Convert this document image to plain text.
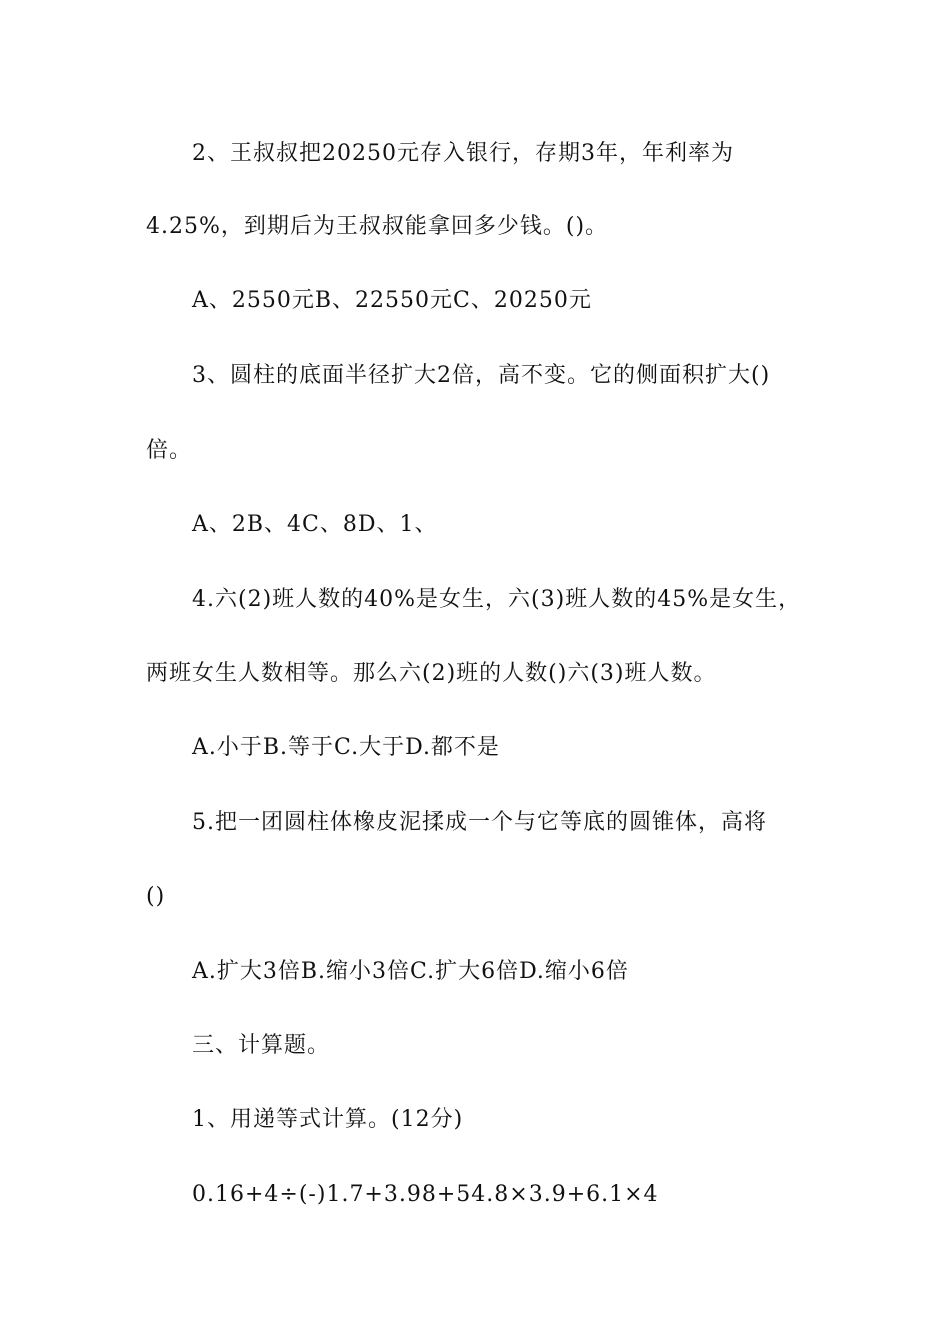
2、王叔叔把20250元存入银行，存期3年，年利率为
4.25%，到期后为王叔叔能拿回多少钱。()。
A、2550元B、22550元C、20250元
3、圆柱的底面半径扩大2倍，高不变。它的侧面积扩大()
倍。
A、2B、4C、8D、1、
4.六(2)班人数的40%是女生，六(3)班人数的45%是女生，
两班女生人数相等。那么六(2)班的人数()六(3)班人数。
A.小于B.等于C.大于D.都不是
5.把一团圆柱体橡皮泥揉成一个与它等底的圆锥体，高将
()
A.扩大3倍B.缩小3倍C.扩大6倍D.缩小6倍
三、计算题。
1、用递等式计算。(12分)
0.16+4÷(-)1.7+3.98+54.8×3.9+6.1×4
